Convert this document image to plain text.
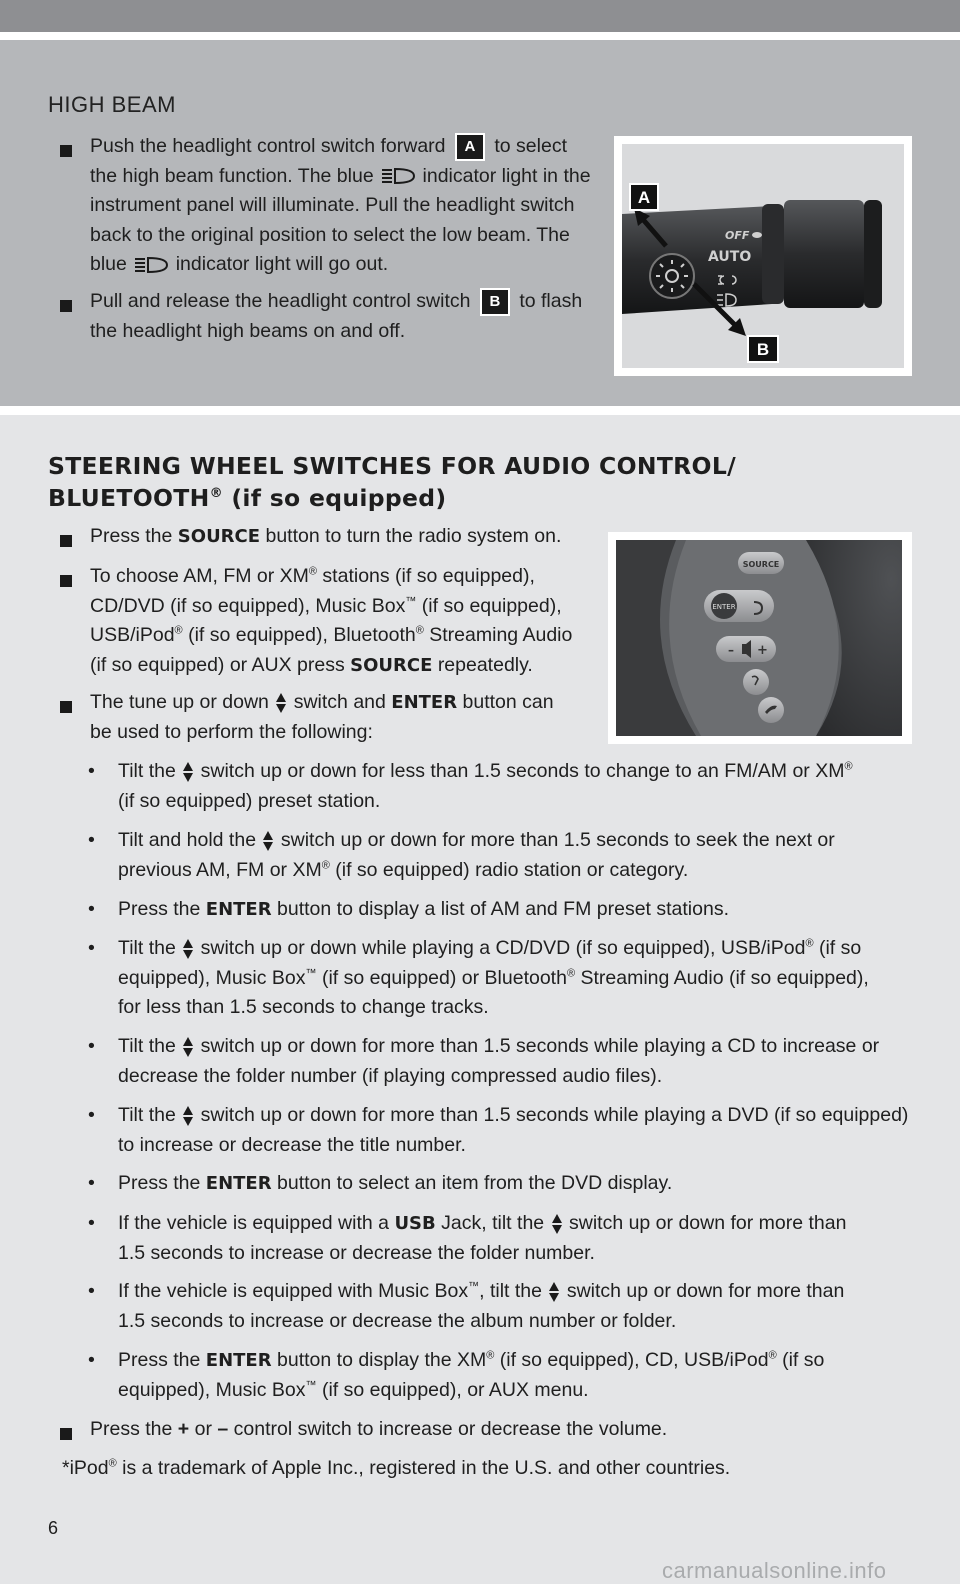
HIGH BEAM
Push the headlight control switch forward A to select
the high beam function. The blue	indicator light in the
instrument panel will illuminate. Pull the headlight switch
back to the original position to select the low beam. The
blue	indicator light will go out.
Pull and release the headlight control switch B to flash
the headlight high beams on and off.
OFF
AUTO
A
B
STEERING WHEEL SWITCHES FOR AUDIO CONTROL/
BLUETOOTH® (if so equipped)
Press the SOURCE button to turn the radio system on.
To choose AM, FM or XM® stations (if so equipped),
CD/DVD (if so equipped), Music Box™ (if so equipped),
USB/iPod® (if so equipped), Bluetooth® Streaming Audio
(if so equipped) or AUX press SOURCE repeatedly.
The tune up or down switch and ENTER button can
be used to perform the following:
SOURCE
ENTER
– +
Tilt the switch up or down for less than 1.5 seconds to change to an FM/AM or XM®
(if so equipped) preset station.
Tilt and hold the switch up or down for more than 1.5 seconds to seek the next or
previous AM, FM or XM® (if so equipped) radio station or category.
Press the ENTER button to display a list of AM and FM preset stations.
Tilt the switch up or down while playing a CD/DVD (if so equipped), USB/iPod® (if so
equipped), Music Box™ (if so equipped) or Bluetooth® Streaming Audio (if so equipped),
for less than 1.5 seconds to change tracks.
Tilt the switch up or down for more than 1.5 seconds while playing a CD to increase or
decrease the folder number (if playing compressed audio files).
Tilt the switch up or down for more than 1.5 seconds while playing a DVD (if so equipped)
to increase or decrease the title number.
Press the ENTER button to select an item from the DVD display.
If the vehicle is equipped with a USB Jack, tilt the switch up or down for more than
1.5 seconds to increase or decrease the folder number.
If the vehicle is equipped with Music Box™, tilt the switch up or down for more than
1.5 seconds to increase or decrease the album number or folder.
Press the ENTER button to display the XM® (if so equipped), CD, USB/iPod® (if so
equipped), Music Box™ (if so equipped), or AUX menu.
Press the + or – control switch to increase or decrease the volume.
*iPod® is a trademark of Apple Inc., registered in the U.S. and other countries.
6
carmanualsonline.info
